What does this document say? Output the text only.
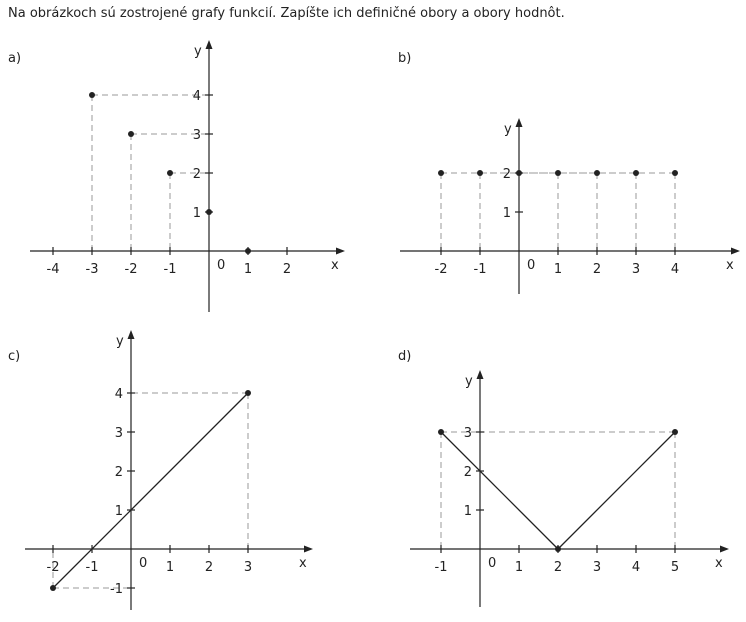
Na obrázkoch sú zostrojené grafy funkcií. Zapíšte ich definičné obory a obory hodnôt.
a)
x
y
0
-4 -3 -2 -1	1 2
1
2
3
4
b)
x
y
0
-2 -1	1 2 3 4
1
2
c)
x
y
0
-2 -1	1 2 3
-1
1
2
3
4
d)
x
y
0
-1	1 2 3 4 5
1
2
3
